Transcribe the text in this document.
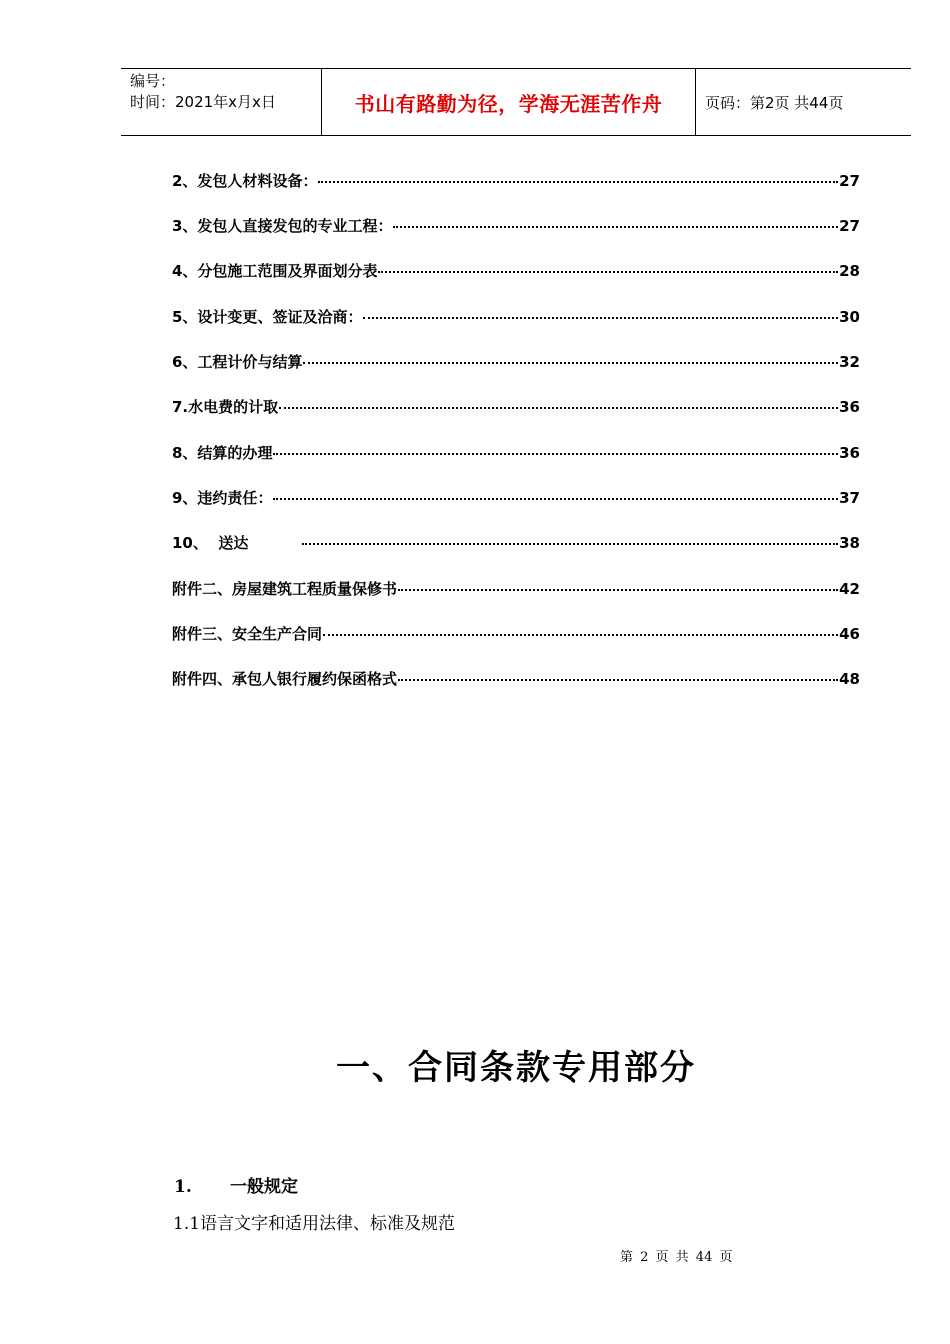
编号：
时间：2021年x月x日	书山有路勤为径，学海无涯苦作舟	页码：第2页 共44页
2、发包人材料设备：	27
3、发包人直接发包的专业工程：	27
4、分包施工范围及界面划分表	28
5、设计变更、签证及洽商：	30
6、工程计价与结算	32
7.水电费的计取	36
8、结算的办理	36
9、违约责任：	37
10、  送达	38
附件二、房屋建筑工程质量保修书	42
附件三、安全生产合同	46
附件四、承包人银行履约保函格式	48
一、合同条款专用部分
1. 一般规定
1.1语言文字和适用法律、标准及规范
第 2 页 共 44 页
